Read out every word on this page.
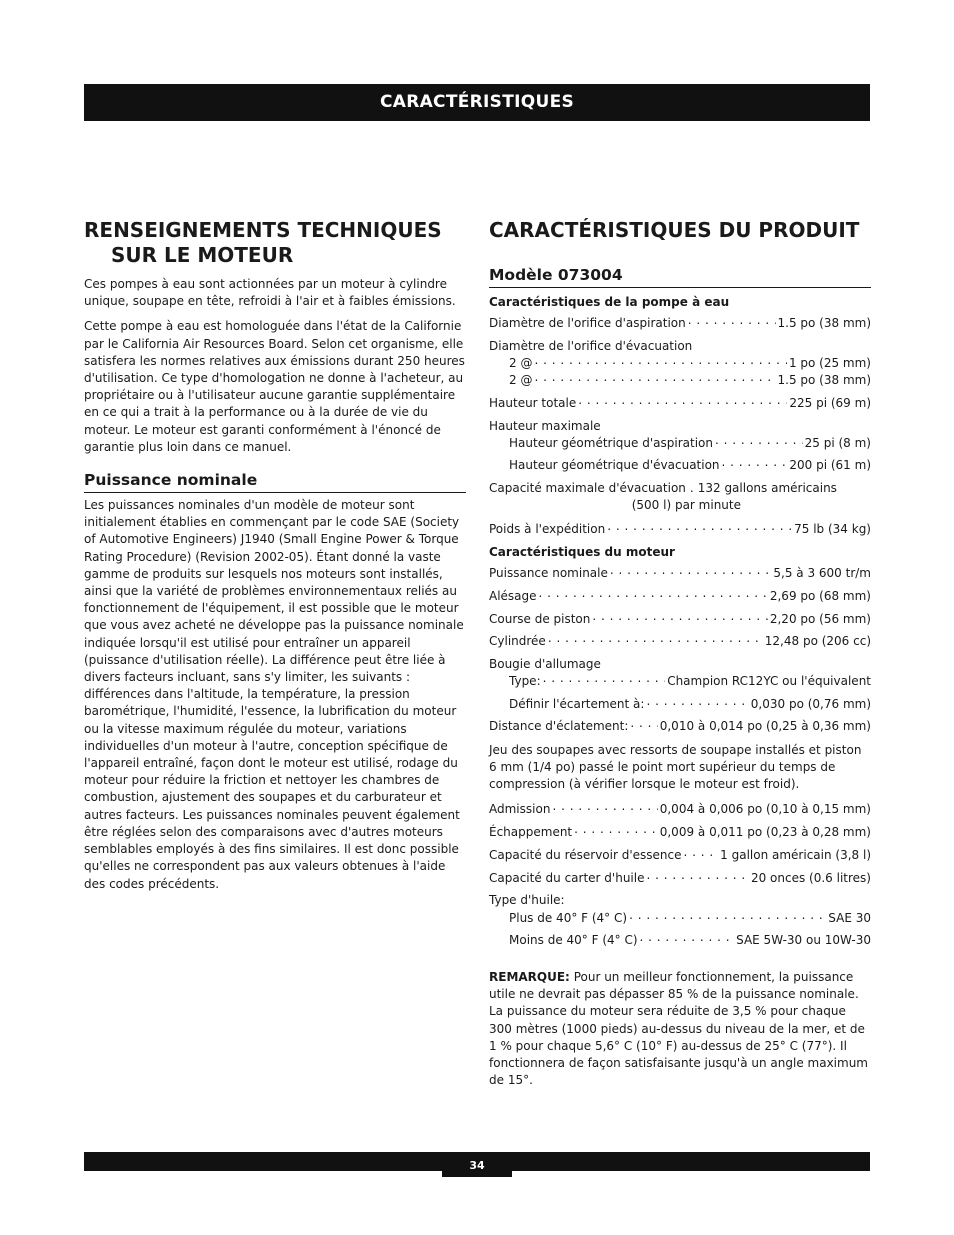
CARACTÉRISTIQUES
RENSEIGNEMENTS TECHNIQUES SUR LE MOTEUR

Ces pompes à eau sont actionnées par un moteur à cylindre unique, soupape en tête, refroidi à l'air et à faibles émissions.

Cette pompe à eau est homologuée dans l'état de la Californie par le California Air Resources Board. Selon cet organisme, elle satisfera les normes relatives aux émissions durant 250 heures d'utilisation. Ce type d'homologation ne donne à l'acheteur, au propriétaire ou à l'utilisateur aucune garantie supplémentaire en ce qui a trait à la performance ou à la durée de vie du moteur. Le moteur est garanti conformément à l'énoncé de garantie plus loin dans ce manuel.

Puissance nominale

Les puissances nominales d'un modèle de moteur sont initialement établies en commençant par le code SAE (Society of Automotive Engineers) J1940 (Small Engine Power & Torque Rating Procedure) (Revision 2002-05). Étant donné la vaste gamme de produits sur lesquels nos moteurs sont installés, ainsi que la variété de problèmes environnementaux reliés au fonctionnement de l'équipement, il est possible que le moteur que vous avez acheté ne développe pas la puissance nominale indiquée lorsqu'il est utilisé pour entraîner un appareil (puissance d'utilisation réelle). La différence peut être liée à divers facteurs incluant, sans s'y limiter, les suivants : différences dans l'altitude, la température, la pression barométrique, l'humidité, l'essence, la lubrification du moteur ou la vitesse maximum régulée du moteur, variations individuelles d'un moteur à l'autre, conception spécifique de l'appareil entraîné, façon dont le moteur est utilisé, rodage du moteur pour réduire la friction et nettoyer les chambres de combustion, ajustement des soupapes et du carburateur et autres facteurs. Les puissances nominales peuvent également être réglées selon des comparaisons avec d'autres moteurs semblables employés à des fins similaires. Il est donc possible qu'elles ne correspondent pas aux valeurs obtenues à l'aide des codes précédents.

CARACTÉRISTIQUES DU PRODUIT
Modèle 073004
Caractéristiques de la pompe à eau
Diamètre de l'orifice d'aspiration . . .	1.5 po (38 mm)
Diamètre de l'orifice d'évacuation
2 @ . . .	1 po (25 mm)
2 @ . . .	1.5 po (38 mm)
Hauteur totale . . .	225 pi (69 m)
Hauteur maximale
Hauteur géométrique d'aspiration . . .	25 pi (8 m)
Hauteur géométrique d'évacuation . . .	200 pi (61 m)
Capacité maximale d'évacuation . 132 gallons américains
(500 l) par minute
Poids à l'expédition . . .	75 lb (34 kg)
Caractéristiques du moteur
Puissance nominale . . .	5,5 à 3 600 tr/m
Alésage . . .	2,69 po (68 mm)
Course de piston . . .	2,20 po (56 mm)
Cylindrée . . .	12,48 po (206 cc)
Bougie d'allumage
Type: . . .	Champion RC12YC ou l'équivalent
Définir l'écartement à: . . .	0,030 po (0,76 mm)
Distance d'éclatement: . . .	0,010 à 0,014 po (0,25 à 0,36 mm)

Jeu des soupapes avec ressorts de soupape installés et piston 6 mm (1/4 po) passé le point mort supérieur du temps de compression (à vérifier lorsque le moteur est froid).

Admission . . .	0,004 à 0,006 po (0,10 à 0,15 mm)
Échappement . . .	0,009 à 0,011 po (0,23 à 0,28 mm)
Capacité du réservoir d'essence . . .	1 gallon américain (3,8 l)
Capacité du carter d'huile . . .	20 onces (0.6 litres)
Type d'huile:
Plus de 40° F (4° C) . . .	SAE 30
Moins de 40° F (4° C) . . .	SAE 5W-30 ou 10W-30

REMARQUE: Pour un meilleur fonctionnement, la puissance utile ne devrait pas dépasser 85 % de la puissance nominale. La puissance du moteur sera réduite de 3,5 % pour chaque 300 mètres (1000 pieds) au-dessus du niveau de la mer, et de 1 % pour chaque 5,6° C (10° F) au-dessus de 25° C (77°). Il fonctionnera de façon satisfaisante jusqu'à un angle maximum de 15°.

34
